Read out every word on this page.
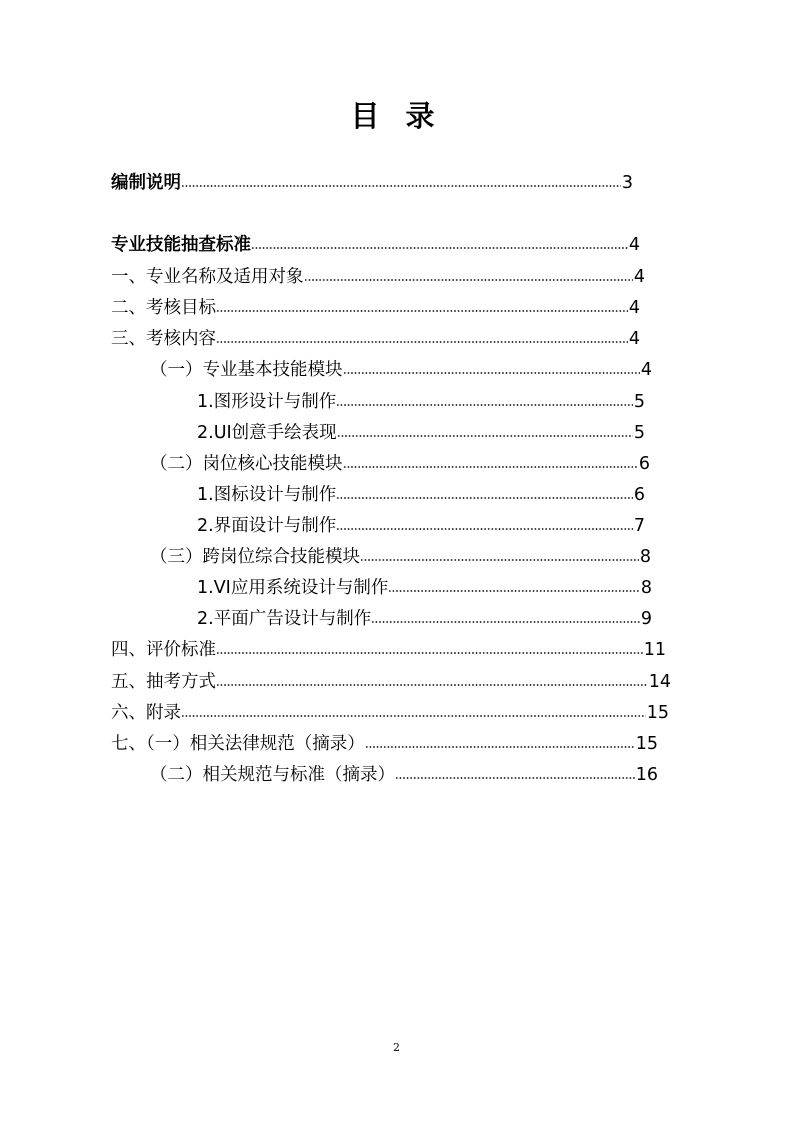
目 录
编制说明	3
专业技能抽查标准	4
一、专业名称及适用对象	4
二、考核目标	4
三、考核内容	4
（一）专业基本技能模块	4
1.图形设计与制作	5
2.UI创意手绘表现	5
（二）岗位核心技能模块	6
1.图标设计与制作	6
2.界面设计与制作	7
（三）跨岗位综合技能模块	8
1.VI应用系统设计与制作	8
2.平面广告设计与制作	9
四、评价标准	11
五、抽考方式	14
六、附录	15
七、（一）相关法律规范（摘录）	15
（二）相关规范与标准（摘录）	16
2
